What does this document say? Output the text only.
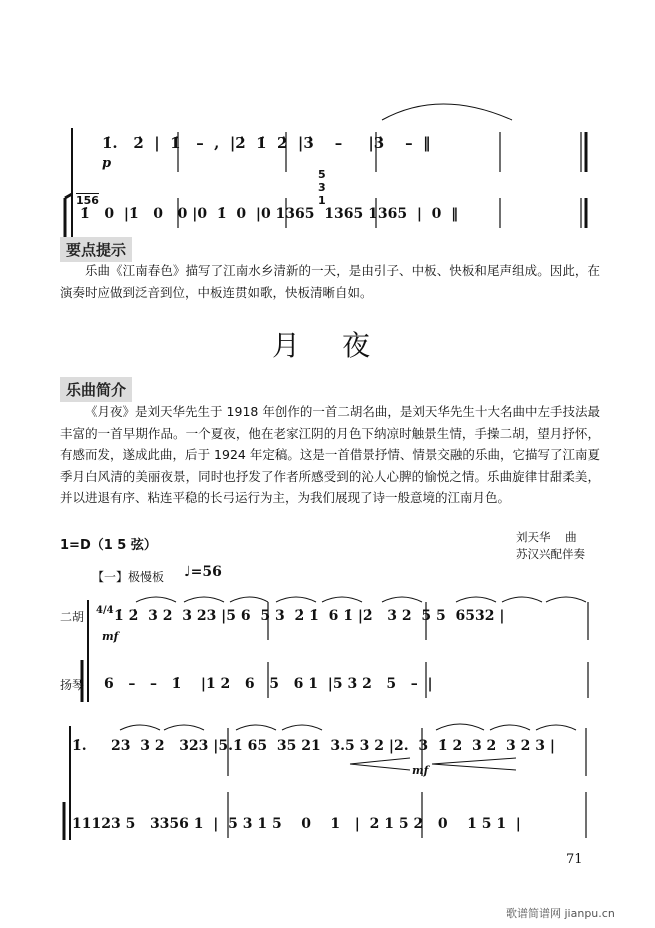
1̇.   2̇  |  1̇   –  ,  |2̇  1̇  2̇  |3̇    –     |3̇    –  ‖
p
156
1̇   0  |1̇   0   0 |0  1̇  0  |0 1365  1365 1365  |  0  ‖
5 3 1
要点提示
乐曲《江南春色》描写了江南水乡清新的一天，是由引子、中板、快板和尾声组成。因此，在演奏时应做到泛音到位，中板连贯如歌，快板清晰自如。
月夜
乐曲简介
《月夜》是刘天华先生于 1918 年创作的一首二胡名曲，是刘天华先生十大名曲中左手技法最丰富的一首早期作品。一个夏夜，他在老家江阴的月色下纳凉时触景生情，手操二胡，望月抒怀，有感而发，遂成此曲，后于 1924 年定稿。这是一首借景抒情、情景交融的乐曲，它描写了江南夏季月白风清的美丽夜景，同时也抒发了作者所感受到的沁人心脾的愉悦之情。乐曲旋律甘甜柔美，并以进退有序、粘连平稳的长弓运行为主，为我们展现了诗一般意境的江南月色。
1=D（1 5 弦）
刘天华    曲
苏汉兴配伴奏
【一】极慢板 ♩=56
二胡 4/4
mf
1̇ 2̇  3 2  3 23 |5 6  5 3  2̇ 1̇  6 1̇ |2̇   3 2  5 5  6532 |
扬琴 6   –   –   1̇    |1 2   6   5   6 1  |5 3 2   5   –  |
1̇.     23  3 2   323 |5.1̇ 65  35 21  3.5 3 2 |2.  3  1̇ 2  3 2  3 2 3 |
mf
11123 5   3356 1  |  5 3 1 5    0    1   |  2 1 5 2   0    1 5 1  |
71
歌谱简谱网 jianpu.cn
